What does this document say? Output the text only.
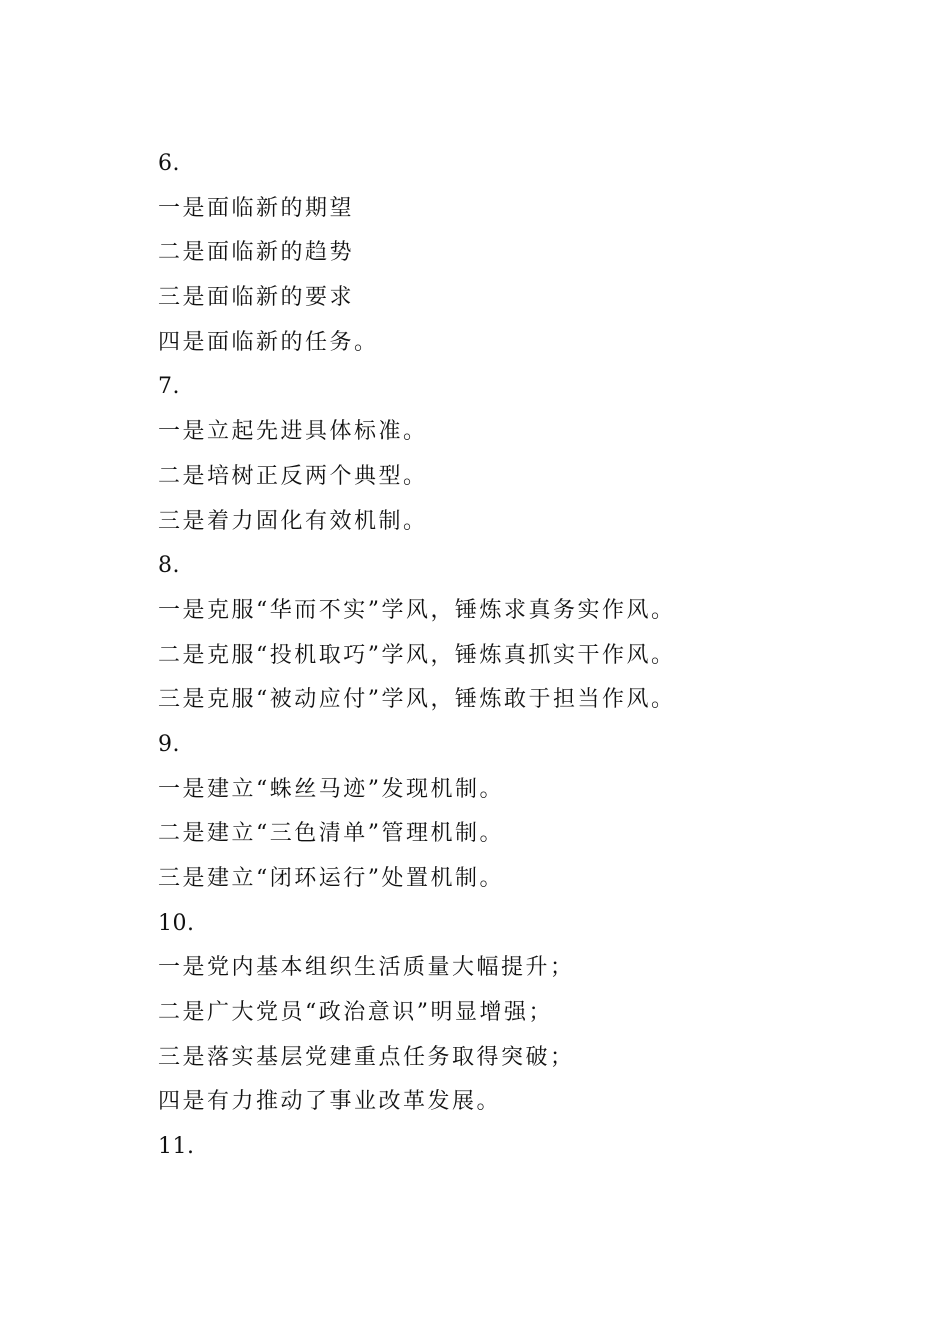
6.
一是面临新的期望
二是面临新的趋势
三是面临新的要求
四是面临新的任务。
7.
一是立起先进具体标准。
二是培树正反两个典型。
三是着力固化有效机制。
8.
一是克服“华而不实”学风，锤炼求真务实作风。
二是克服“投机取巧”学风，锤炼真抓实干作风。
三是克服“被动应付”学风，锤炼敢于担当作风。
9.
一是建立“蛛丝马迹”发现机制。
二是建立“三色清单”管理机制。
三是建立“闭环运行”处置机制。
10.
一是党内基本组织生活质量大幅提升；
二是广大党员“政治意识”明显增强；
三是落实基层党建重点任务取得突破；
四是有力推动了事业改革发展。
11.
